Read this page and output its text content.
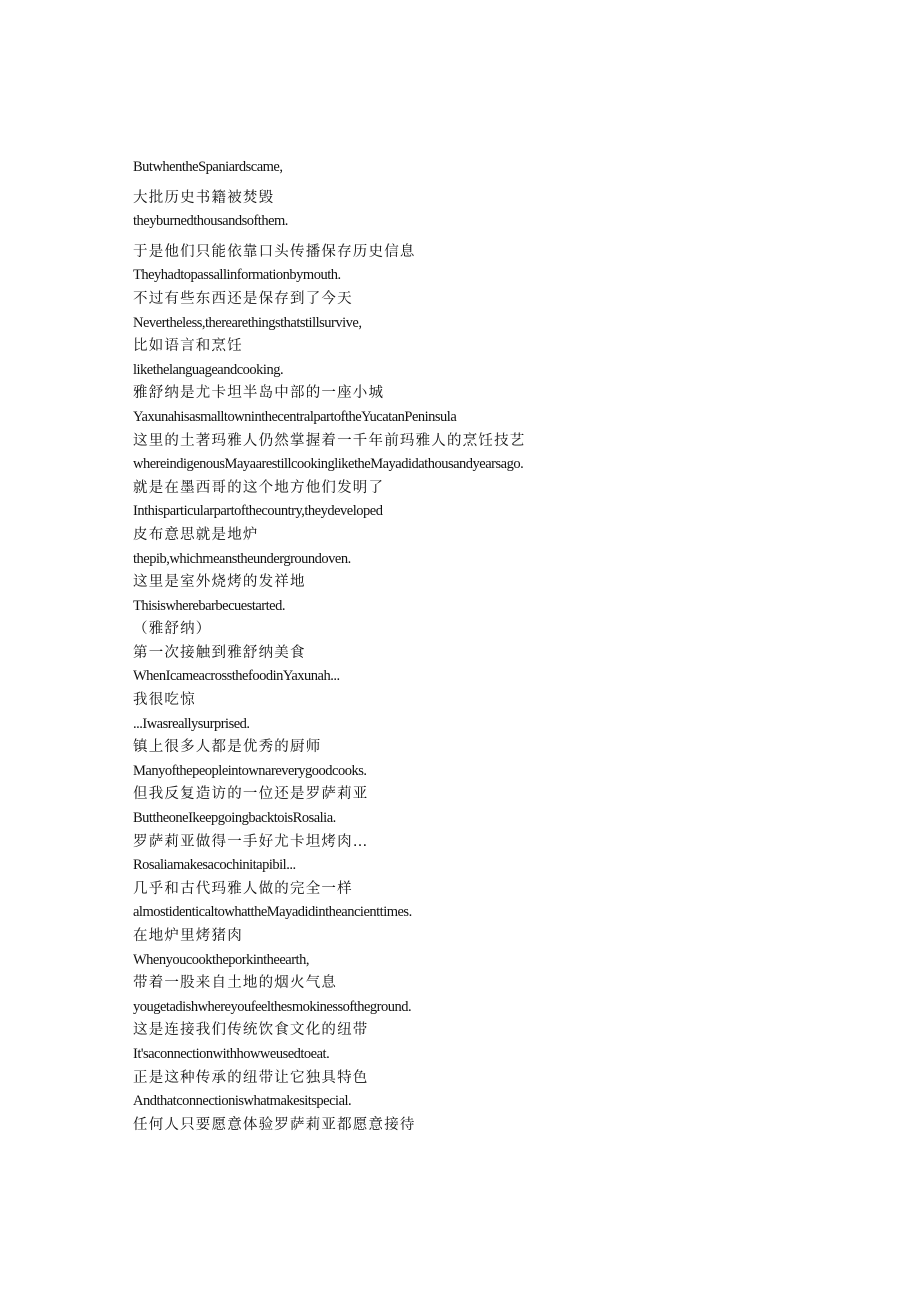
ButwhentheSpaniardscame,
大批历史书籍被焚毁
theyburnedthousandsofthem.
于是他们只能依靠口头传播保存历史信息
Theyhadtopassallinformationbymouth.
不过有些东西还是保存到了今天
Nevertheless,therearethingsthatstillsurvive,
比如语言和烹饪
likethelanguageandcooking.
雅舒纳是尤卡坦半岛中部的一座小城
YaxunahisasmalltowninthecentralpartoftheYucatanPeninsula
这里的土著玛雅人仍然掌握着一千年前玛雅人的烹饪技艺
whereindigenousMayaarestillcookingliketheMayadidathousandyearsago.
就是在墨西哥的这个地方他们发明了
Inthisparticularpartofthecountry,theydeveloped
皮布意思就是地炉
thepib,whichmeanstheundergroundoven.
这里是室外烧烤的发祥地
Thisiswherebarbecuestarted.
（雅舒纳）
第一次接触到雅舒纳美食
WhenIcameacrossthefoodinYaxunah...
我很吃惊
...Iwasreallysurprised.
镇上很多人都是优秀的厨师
Manyofthepeopleintownareverygoodcooks.
但我反复造访的一位还是罗萨莉亚
ButtheoneIkeepgoingbacktoisRosalia.
罗萨莉亚做得一手好尤卡坦烤肉…
Rosaliamakesacochinitapibil...
几乎和古代玛雅人做的完全一样
almostidenticaltowhattheMayadidintheancienttimes.
在地炉里烤猪肉
Whenyoucooktheporkintheearth,
带着一股来自土地的烟火气息
yougetadishwhereyoufeelthesmokinessoftheground.
这是连接我们传统饮食文化的纽带
It'saconnectionwithhowweusedtoeat.
正是这种传承的纽带让它独具特色
Andthatconnectioniswhatmakesitspecial.
任何人只要愿意体验罗萨莉亚都愿意接待
